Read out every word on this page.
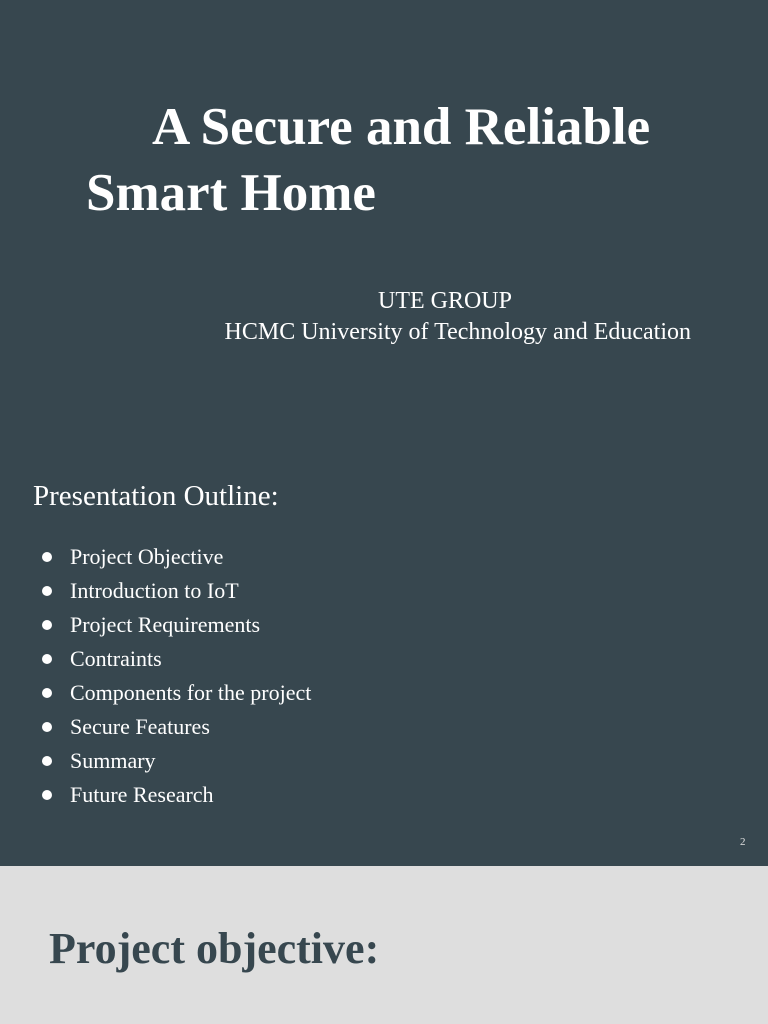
A Secure and Reliable
Smart Home
UTE GROUP
HCMC University of Technology and Education
Presentation Outline:
Project Objective
Introduction to IoT
Project Requirements
Contraints
Components for the project
Secure Features
Summary
Future Research
2
Project objective:
